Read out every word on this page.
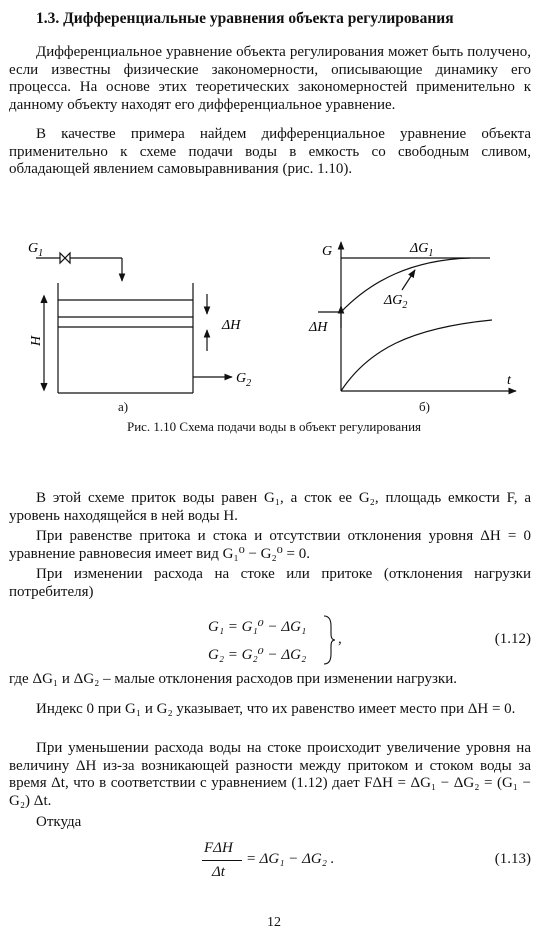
1.3. Дифференциальные уравнения объекта регулирования

Дифференциальное уравнение объекта регулирования может быть получено, если известны физические закономерности, описывающие динамику его процесса. На основе этих теоретических закономерностей применительно к данному объекту находят его дифференциальное уравнение.

В качестве примера найдем дифференциальное уравнение объекта применительно к схеме подачи воды в емкость со свободным сливом, обладающей явлением самовыравнивания (рис. 1.10).

$G_1$
$G_2$
H
ΔH
G
ΔH
t
$\Delta G_1$
$\Delta G_2$
а)	б)
Рис. 1.10 Схема подачи воды в объект регулирования

В этой схеме приток воды равен G₁, а сток ее G₂, площадь емкости F, а уровень находящейся в ней воды H.

При равенстве притока и стока и отсутствии отклонения уровня ΔH = 0 уравнение равновесия имеет вид G₁⁰ − G₂⁰ = 0.

При изменении расхода на стоке или притоке (отклонения нагрузки потребителя)

G₁ = G₁⁰ − ΔG₁
G₂ = G₂⁰ − ΔG₂
,	(1.12)

где ΔG₁ и ΔG₂ – малые отклонения расходов при изменении нагрузки.

Индекс 0 при G₁ и G₂ указывает, что их равенство имеет место при ΔH = 0.

При уменьшении расхода воды на стоке происходит увеличение уровня на величину ΔH из-за возникающей разности между притоком и стоком воды за время Δt, что в соответствии с уравнением (1.12) дает FΔH = ΔG₁ − ΔG₂ = (G₁ − G₂) Δt.

Откуда

FΔH
Δt
= ΔG₁ − ΔG₂ .	(1.13)
12
